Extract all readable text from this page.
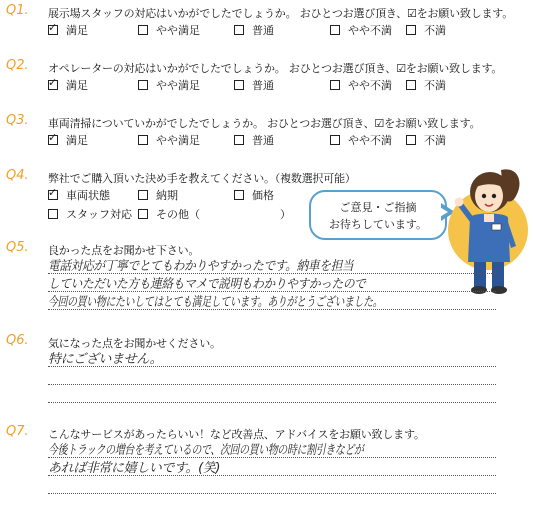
Q1. 展示場スタッフの対応はいかがでしたでしょうか。 おひとつお選び頂き、☑をお願い致します。
✓満足	やや満足	普通	やや不満	不満
Q2. オペレーターの対応はいかがでしたでしょうか。 おひとつお選び頂き、☑をお願い致します。
✓満足	やや満足	普通	やや不満	不満
Q3. 車両清掃についていかがでしたでしょうか。 おひとつお選び頂き、☑をお願い致します。
✓満足	やや満足	普通	やや不満	不満
Q4. 弊社でご購入頂いた決め手を教えてください。（複数選択可能）
✓車両状態	納期	価格
スタッフ対応	その他（	）
ご意見・ご指摘
お待ちしています。
Q5. 良かった点をお聞かせ下さい。
電話対応が丁寧でとてもわかりやすかったです。納車を担当
していただいた方も連絡もマメで説明もわかりやすかったので
今回の買い物にたいしてはとても満足しています。ありがとうございました。
Q6. 気になった点をお聞かせください。
特にございません。
Q7. こんなサービスがあったらいい！など改善点、アドバイスをお願い致します。
今後トラックの増台を考えているので、次回の買い物の時に割引きなどが
あれば非常に嬉しいです。(笑)
